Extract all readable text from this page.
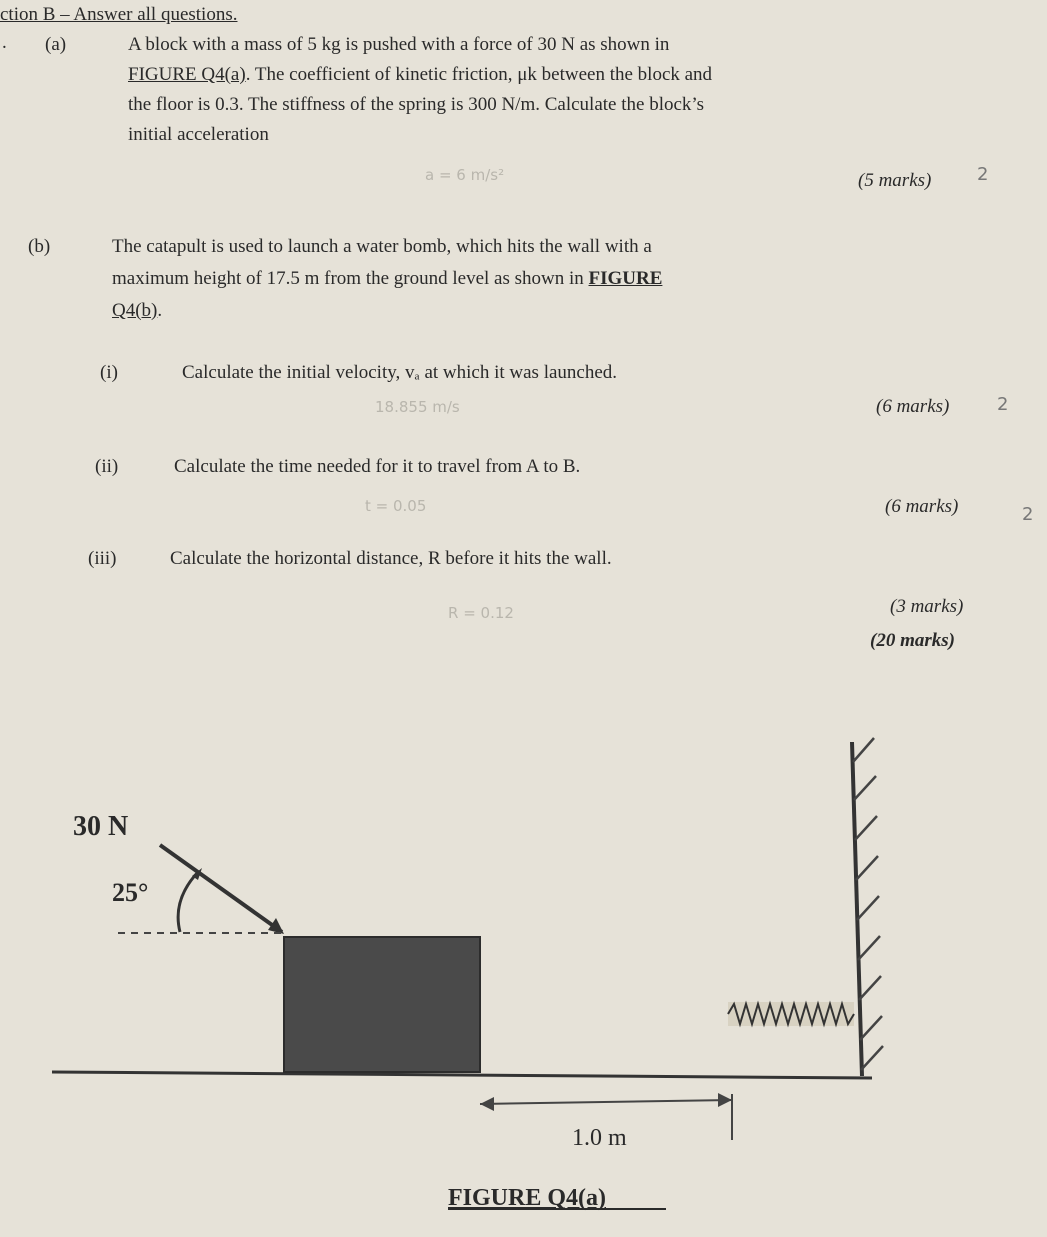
ction B – Answer all questions.
. (a)	A block with a mass of 5 kg is pushed with a force of 30 N as shown in
FIGURE Q4(a). The coefficient of kinetic friction, μk between the block and
the floor is 0.3. The stiffness of the spring is 300 N/m. Calculate the block’s
initial acceleration
a = 6 m/s²	(5 marks)	2
(b)	The catapult is used to launch a water bomb, which hits the wall with a
maximum height of 17.5 m from the ground level as shown in FIGURE
Q4(b).
(i)	Calculate the initial velocity, vₐ at which it was launched.
18.855 m/s	(6 marks)	2
(ii)	Calculate the time needed for it to travel from A to B.
t = 0.05	(6 marks)	2
(iii)	Calculate the horizontal distance, R before it hits the wall.
R = 0.12	(3 marks)
(20 marks)
30 N
25°
1.0 m
FIGURE Q4(a)
